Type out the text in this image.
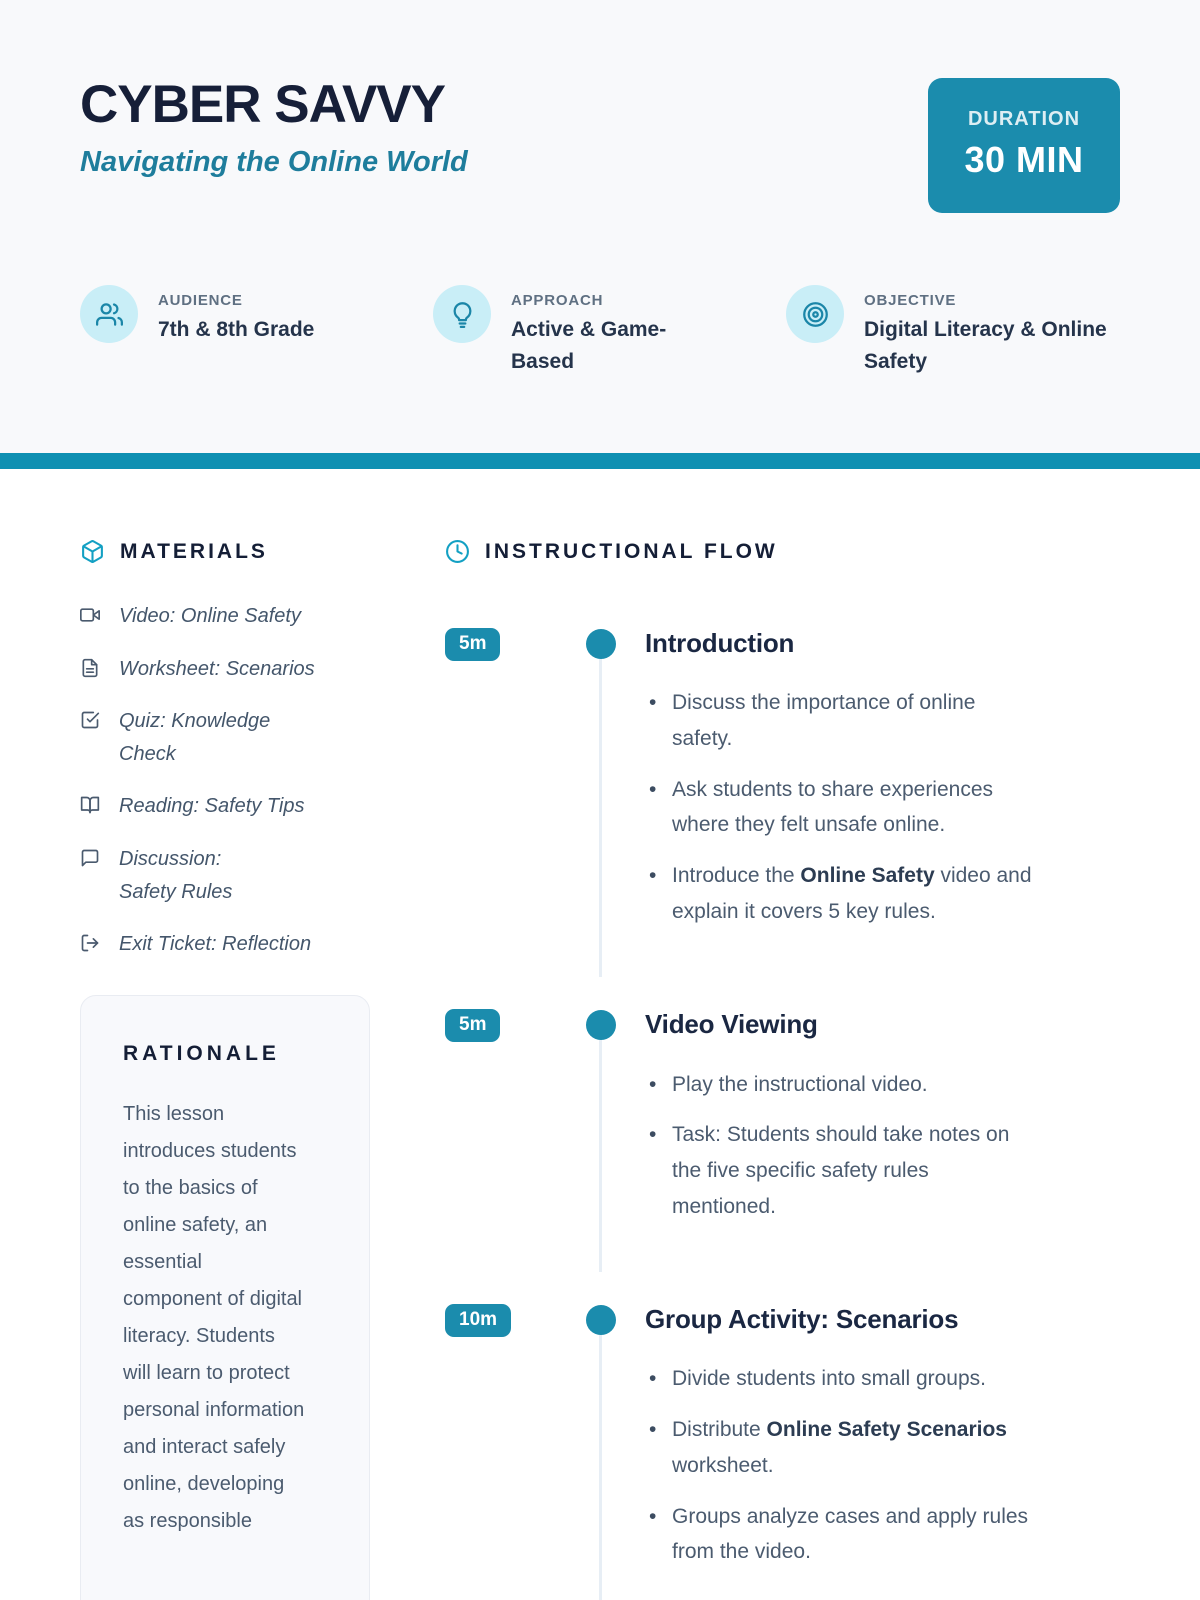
CYBER SAVVY
Navigating the Online World
DURATION
30 MIN
AUDIENCE
7th & 8th Grade
APPROACH
Active & Game-Based
OBJECTIVE
Digital Literacy & Online Safety
MATERIALS
Video: Online Safety
Worksheet: Scenarios
Quiz: Knowledge Check
Reading: Safety Tips
Discussion: Safety Rules
Exit Ticket: Reflection
RATIONALE

This lesson introduces students to the basics of online safety, an essential component of digital literacy. Students will learn to protect personal information and interact safely online, developing as responsible

INSTRUCTIONAL FLOW
5m	Introduction
• Discuss the importance of online safety.
• Ask students to share experiences where they felt unsafe online.
• Introduce the Online Safety video and explain it covers 5 key rules.
5m	Video Viewing
• Play the instructional video.
• Task: Students should take notes on the five specific safety rules mentioned.
10m	Group Activity: Scenarios
• Divide students into small groups.
• Distribute Online Safety Scenarios worksheet.
• Groups analyze cases and apply rules from the video.
